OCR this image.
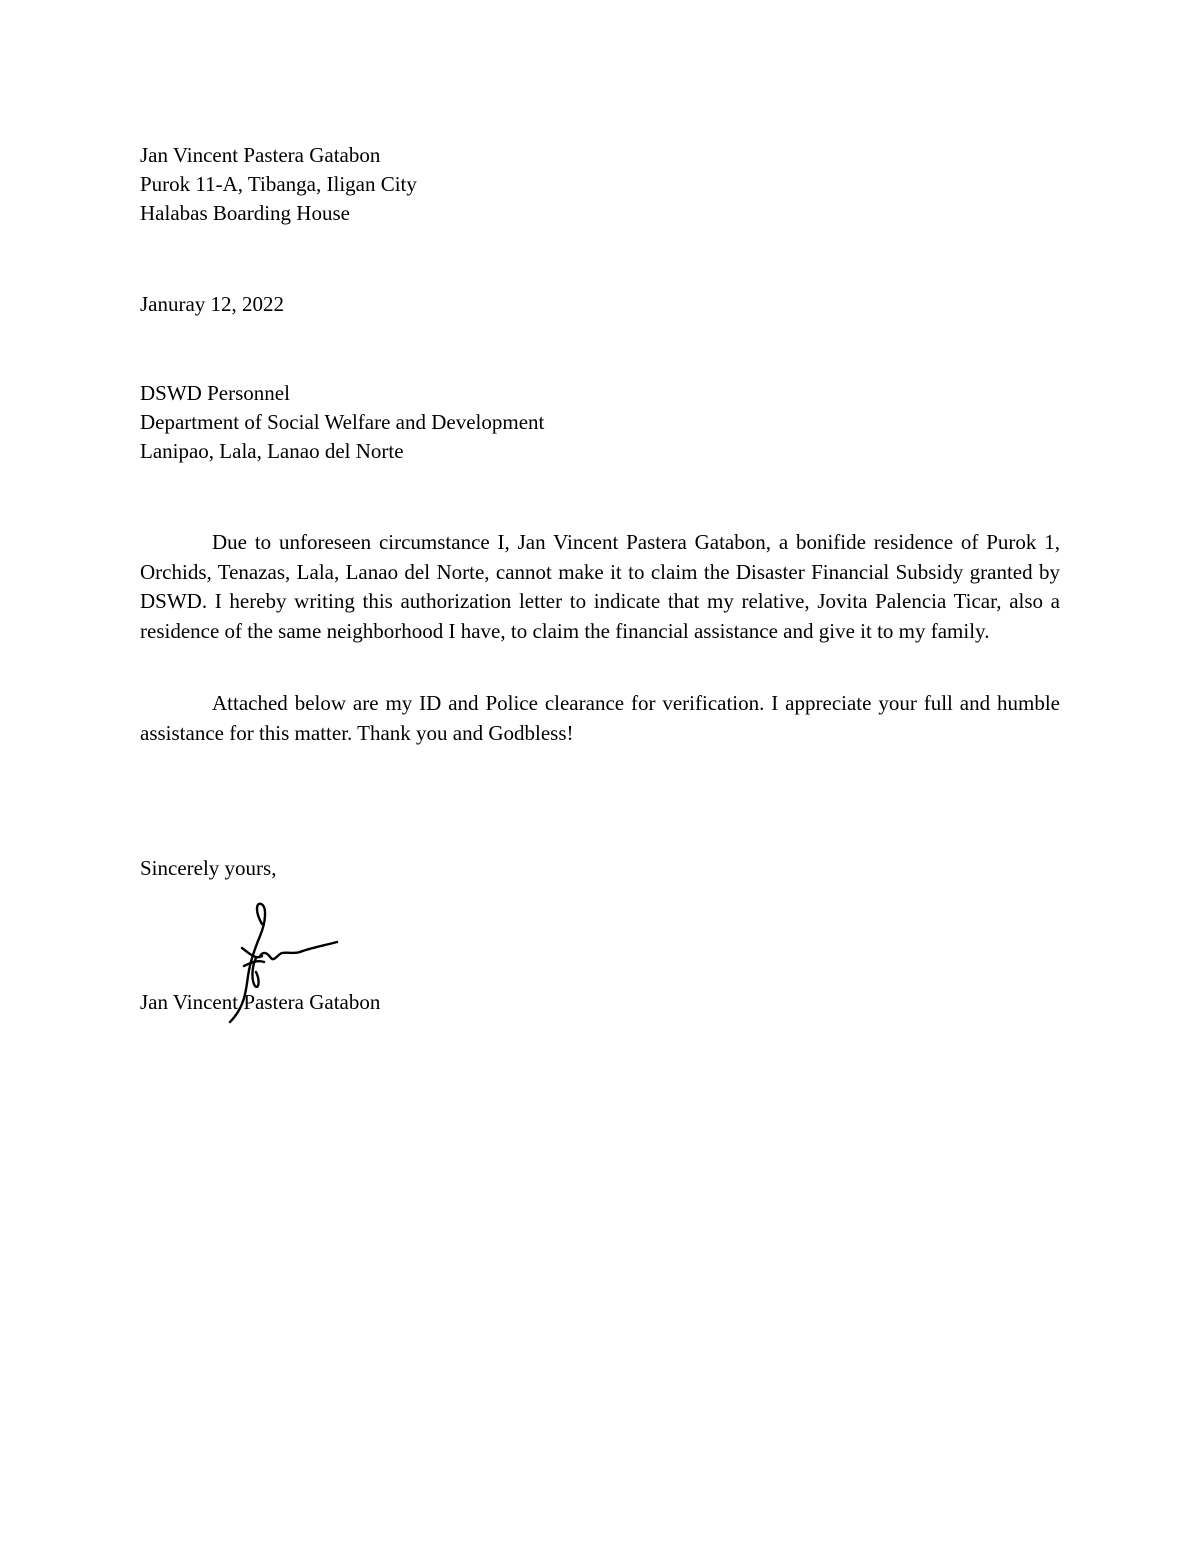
Jan Vincent Pastera Gatabon
Purok 11-A, Tibanga, Iligan City
Halabas Boarding House
Januray 12, 2022
DSWD Personnel
Department of Social Welfare and Development
Lanipao, Lala, Lanao del Norte

Due to unforeseen circumstance I, Jan Vincent Pastera Gatabon, a bonifide residence of Purok 1, Orchids, Tenazas, Lala, Lanao del Norte, cannot make it to claim the Disaster Financial Subsidy granted by DSWD. I hereby writing this authorization letter to indicate that my relative, Jovita Palencia Ticar, also a residence of the same neighborhood I have, to claim the financial assistance and give it to my family.

Attached below are my ID and Police clearance for verification. I appreciate your full and humble assistance for this matter. Thank you and Godbless!

Sincerely yours,
Jan Vincent Pastera Gatabon
